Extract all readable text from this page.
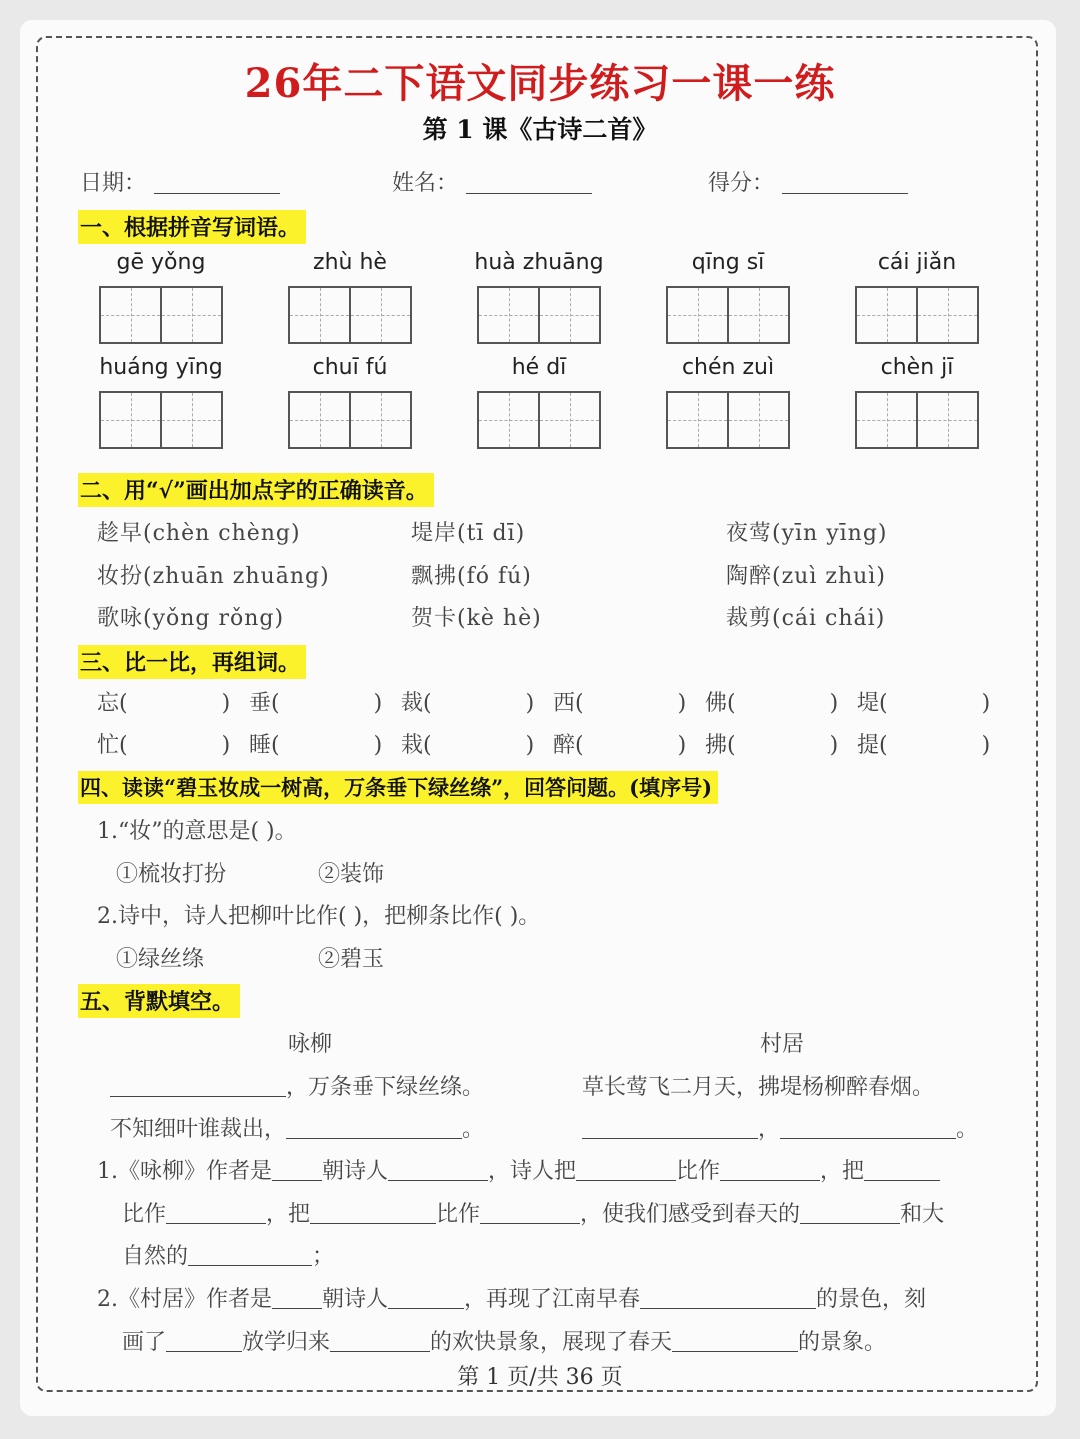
26年二下语文同步练习一课一练
第 1 课《古诗二首》
日期：	姓名：	得分：
一、根据拼音写词语。
gē yǒng	zhù hè	huà zhuāng	qīng sī	cái jiǎn
huáng yīng	chuī fú	hé dī	chén zuì	chèn jī
二、用“√”画出加点字的正确读音。
趁早(chèn chèng)	堤岸(tī dī)	夜莺(yīn yīng)
妆扮(zhuān zhuāng)	飘拂(fó fú)	陶醉(zuì zhuì)
歌咏(yǒng rǒng)	贺卡(kè hè)	裁剪(cái chái)
三、比一比，再组词。
忘(	) 垂(	) 裁(	) 西(	) 佛(	) 堤(	)
忙(	) 睡(	) 栽(	) 醉(	) 拂(	) 提(	)
四、读读“碧玉妆成一树高，万条垂下绿丝绦”，回答问题。(填序号)
1.“妆”的意思是( )。
①梳妆打扮	②装饰
2.诗中，诗人把柳叶比作( )，把柳条比作( )。
①绿丝绦	②碧玉
五、背默填空。
咏柳	村居
，万条垂下绿丝绦。	草长莺飞二月天，拂堤杨柳醉春烟。
不知细叶谁裁出，	。	，	。
1.《咏柳》作者是 朝诗人	，诗人把	比作	，把
比作	，把	比作	，使我们感受到春天的	和大
自然的	；
2.《村居》作者是 朝诗人	，再现了江南早春	的景色，刻
画了	放学归来	的欢快景象，展现了春天	的景象。
第 1 页/共 36 页
